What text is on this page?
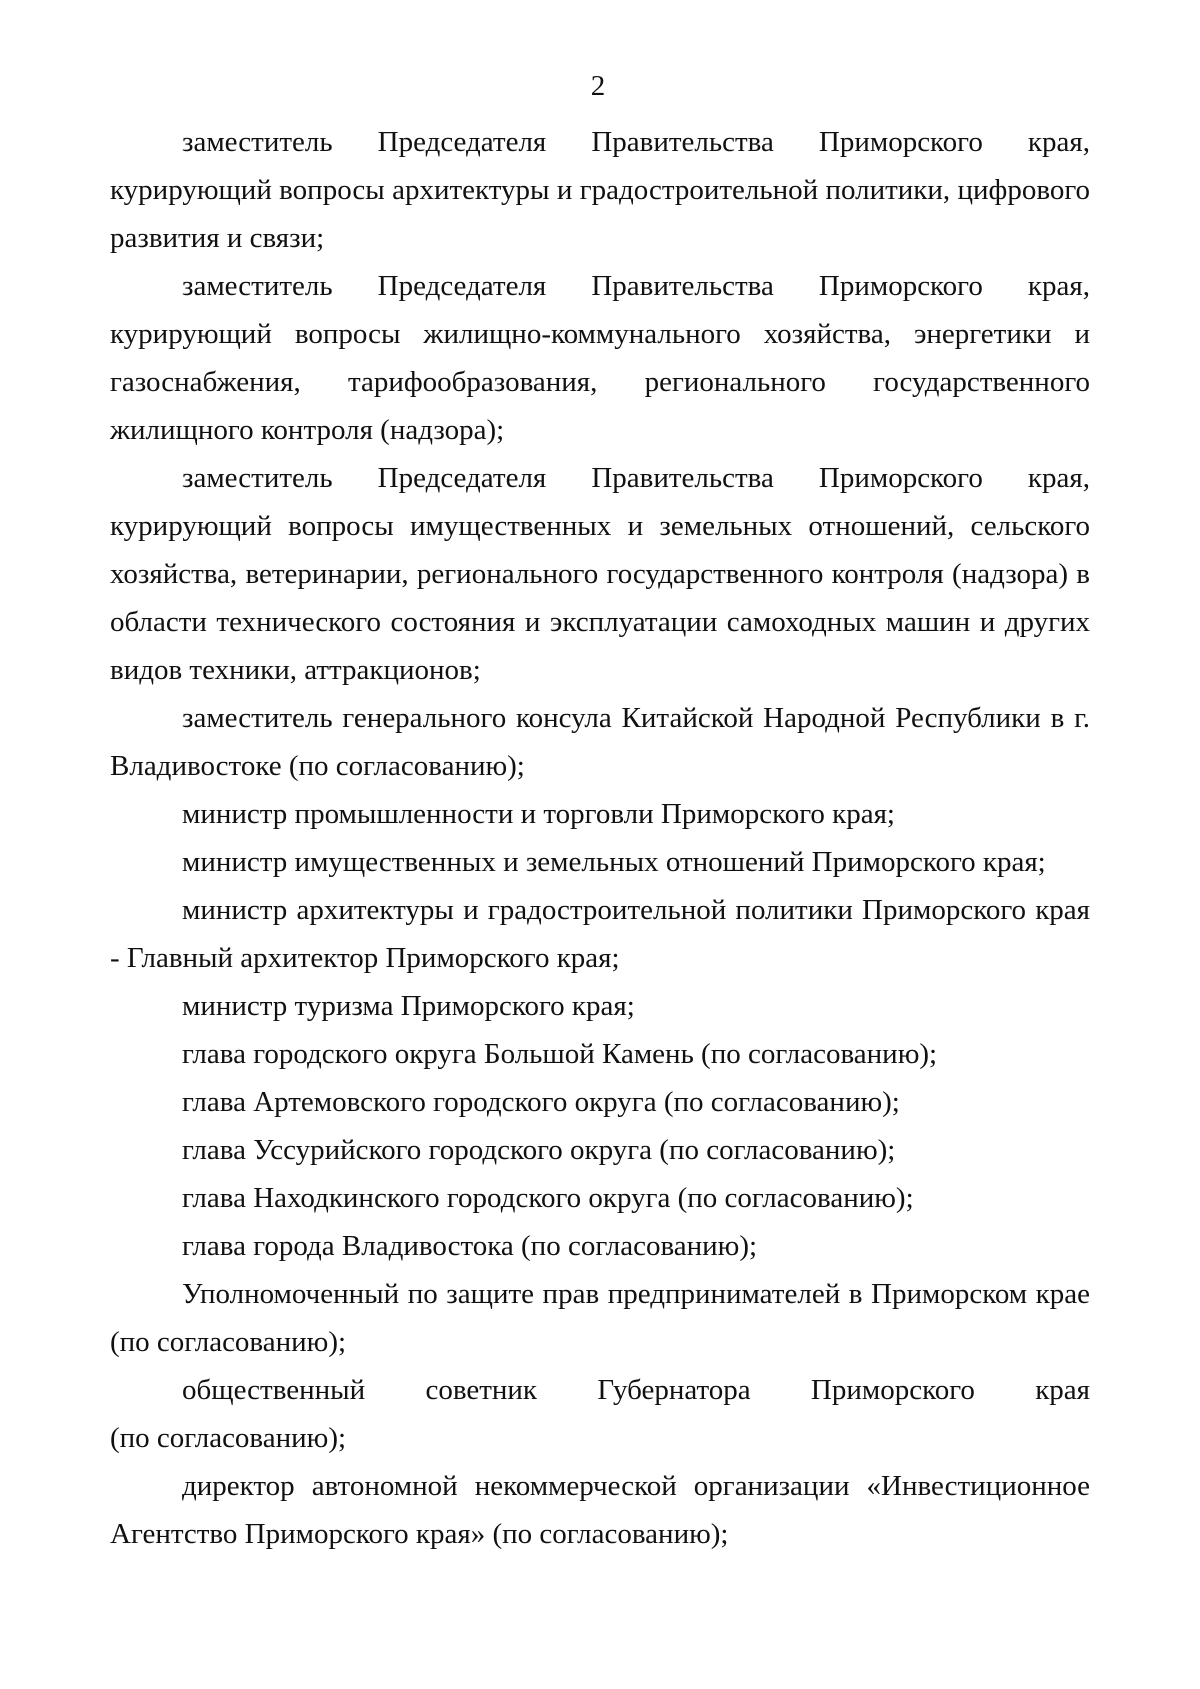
2
заместитель Председателя Правительства Приморского края,

курирующий вопросы архитектуры и градостроительной политики, цифрового

развития и связи;

заместитель Председателя Правительства Приморского края,

курирующий вопросы жилищно-коммунального хозяйства, энергетики и

газоснабжения, тарифообразования, регионального государственного

жилищного контроля (надзора);

заместитель Председателя Правительства Приморского края,

курирующий вопросы имущественных и земельных отношений, сельского

хозяйства, ветеринарии, регионального государственного контроля (надзора) в

области технического состояния и эксплуатации самоходных машин и других

видов техники, аттракционов;

заместитель генерального консула Китайской Народной Республики в г. Владивостоке (по согласованию);

министр промышленности и торговли Приморского края;

министр имущественных и земельных отношений Приморского края;

министр архитектуры и градостроительной политики Приморского края - Главный архитектор Приморского края;

министр туризма Приморского края;

глава городского округа Большой Камень (по согласованию);

глава Артемовского городского округа (по согласованию);

глава Уссурийского городского округа (по согласованию);

глава Находкинского городского округа (по согласованию);

глава города Владивостока (по согласованию);

Уполномоченный по защите прав предпринимателей в Приморском крае (по согласованию);

общественный советник Губернатора Приморского края

(по согласованию);

директор автономной некоммерческой организации «Инвестиционное Агентство Приморского края» (по согласованию);
